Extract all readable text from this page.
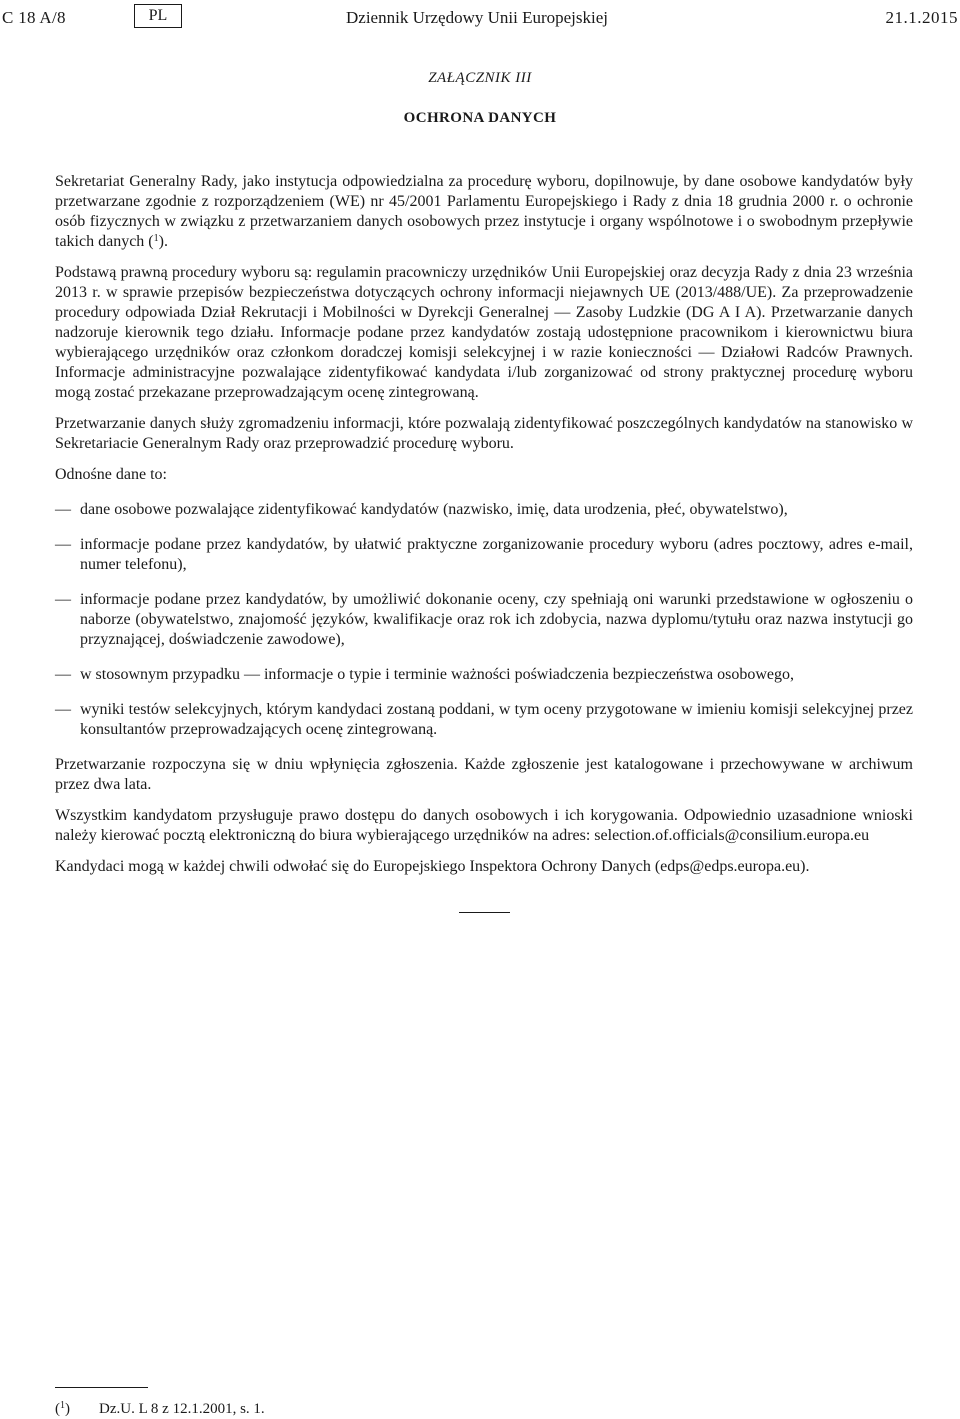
C 18 A/8	PL	Dziennik Urzędowy Unii Europejskiej	21.1.2015
ZAŁĄCZNIK III
OCHRONA DANYCH

Sekretariat Generalny Rady, jako instytucja odpowiedzialna za procedurę wyboru, dopilnowuje, by dane osobowe kandydatów były przetwarzane zgodnie z rozporządzeniem (WE) nr 45/2001 Parlamentu Europejskiego i Rady z dnia 18 grudnia 2000 r. o ochronie osób fizycznych w związku z przetwarzaniem danych osobowych przez instytucje i organy wspólnotowe i o swobodnym przepływie takich danych ($^1$).

Podstawą prawną procedury wyboru są: regulamin pracowniczy urzędników Unii Europejskiej oraz decyzja Rady z dnia 23 września 2013 r. w sprawie przepisów bezpieczeństwa dotyczących ochrony informacji niejawnych UE (2013/488/UE). Za przeprowadzenie procedury odpowiada Dział Rekrutacji i Mobilności w Dyrekcji Generalnej — Zasoby Ludzkie (DG A I A). Przetwarzanie danych nadzoruje kierownik tego działu. Informacje podane przez kandydatów zostają udostępnione pracownikom i kierownictwu biura wybierającego urzędników oraz członkom doradczej komisji selekcyjnej i w razie konieczności — Działowi Radców Prawnych. Informacje administracyjne pozwalające zidentyfikować kandydata i/lub zorganizować od strony praktycznej procedurę wyboru mogą zostać przekazane przeprowadzającym ocenę zintegrowaną.

Przetwarzanie danych służy zgromadzeniu informacji, które pozwalają zidentyfikować poszczególnych kandydatów na stanowisko w Sekretariacie Generalnym Rady oraz przeprowadzić procedurę wyboru.

Odnośne dane to:

— dane osobowe pozwalające zidentyfikować kandydatów (nazwisko, imię, data urodzenia, płeć, obywatelstwo),
— informacje podane przez kandydatów, by ułatwić praktyczne zorganizowanie procedury wyboru (adres pocztowy, adres e-mail, numer telefonu),
— informacje podane przez kandydatów, by umożliwić dokonanie oceny, czy spełniają oni warunki przedstawione w ogłoszeniu o naborze (obywatelstwo, znajomość języków, kwalifikacje oraz rok ich zdobycia, nazwa dyplomu/tytułu oraz nazwa instytucji go przyznającej, doświadczenie zawodowe),
— w stosownym przypadku — informacje o typie i terminie ważności poświadczenia bezpieczeństwa osobowego,
— wyniki testów selekcyjnych, którym kandydaci zostaną poddani, w tym oceny przygotowane w imieniu komisji selekcyjnej przez konsultantów przeprowadzających ocenę zintegrowaną.

Przetwarzanie rozpoczyna się w dniu wpłynięcia zgłoszenia. Każde zgłoszenie jest katalogowane i przechowywane w archiwum przez dwa lata.

Wszystkim kandydatom przysługuje prawo dostępu do danych osobowych i ich korygowania. Odpowiednio uzasadnione wnioski należy kierować pocztą elektroniczną do biura wybierającego urzędników na adres: selection.of.officials@consilium.europa.eu

Kandydaci mogą w każdej chwili odwołać się do Europejskiego Inspektora Ochrony Danych (edps@edps.europa.eu).

($^1$) Dz.U. L 8 z 12.1.2001, s. 1.
